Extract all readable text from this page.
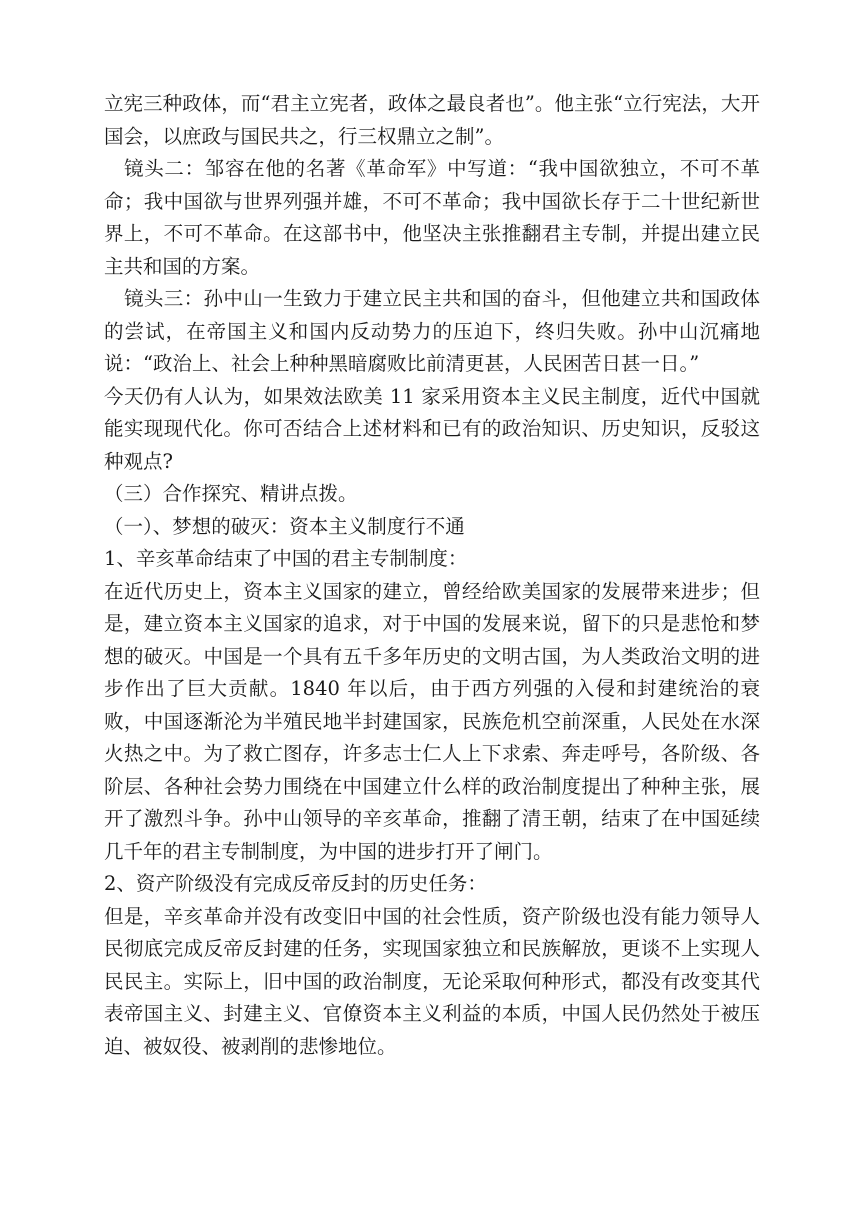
立宪三种政体，而“君主立宪者，政体之最良者也”。他主张“立行宪法，大开国会，以庶政与国民共之，行三权鼎立之制”。

镜头二：邹容在他的名著《革命军》中写道：“我中国欲独立，不可不革命；我中国欲与世界列强并雄，不可不革命；我中国欲长存于二十世纪新世界上，不可不革命。在这部书中，他坚决主张推翻君主专制，并提出建立民主共和国的方案。

镜头三：孙中山一生致力于建立民主共和国的奋斗，但他建立共和国政体的尝试，在帝国主义和国内反动势力的压迫下，终归失败。孙中山沉痛地说：“政治上、社会上种种黑暗腐败比前清更甚，人民困苦日甚一日。”

今天仍有人认为，如果效法欧美 11 家采用资本主义民主制度，近代中国就能实现现代化。你可否结合上述材料和已有的政治知识、历史知识，反驳这种观点?

（三）合作探究、精讲点拨。

（一）、梦想的破灭：资本主义制度行不通

1、辛亥革命结束了中国的君主专制制度：

在近代历史上，资本主义国家的建立，曾经给欧美国家的发展带来进步；但是，建立资本主义国家的追求，对于中国的发展来说，留下的只是悲怆和梦想的破灭。中国是一个具有五千多年历史的文明古国，为人类政治文明的进步作出了巨大贡献。1840 年以后，由于西方列强的入侵和封建统治的衰败，中国逐渐沦为半殖民地半封建国家，民族危机空前深重，人民处在水深火热之中。为了救亡图存，许多志士仁人上下求索、奔走呼号，各阶级、各阶层、各种社会势力围绕在中国建立什么样的政治制度提出了种种主张，展开了激烈斗争。孙中山领导的辛亥革命，推翻了清王朝，结束了在中国延续几千年的君主专制制度，为中国的进步打开了闸门。

2、资产阶级没有完成反帝反封的历史任务：

但是，辛亥革命并没有改变旧中国的社会性质，资产阶级也没有能力领导人民彻底完成反帝反封建的任务，实现国家独立和民族解放，更谈不上实现人民民主。实际上，旧中国的政治制度，无论采取何种形式，都没有改变其代表帝国主义、封建主义、官僚资本主义利益的本质，中国人民仍然处于被压迫、被奴役、被剥削的悲惨地位。
